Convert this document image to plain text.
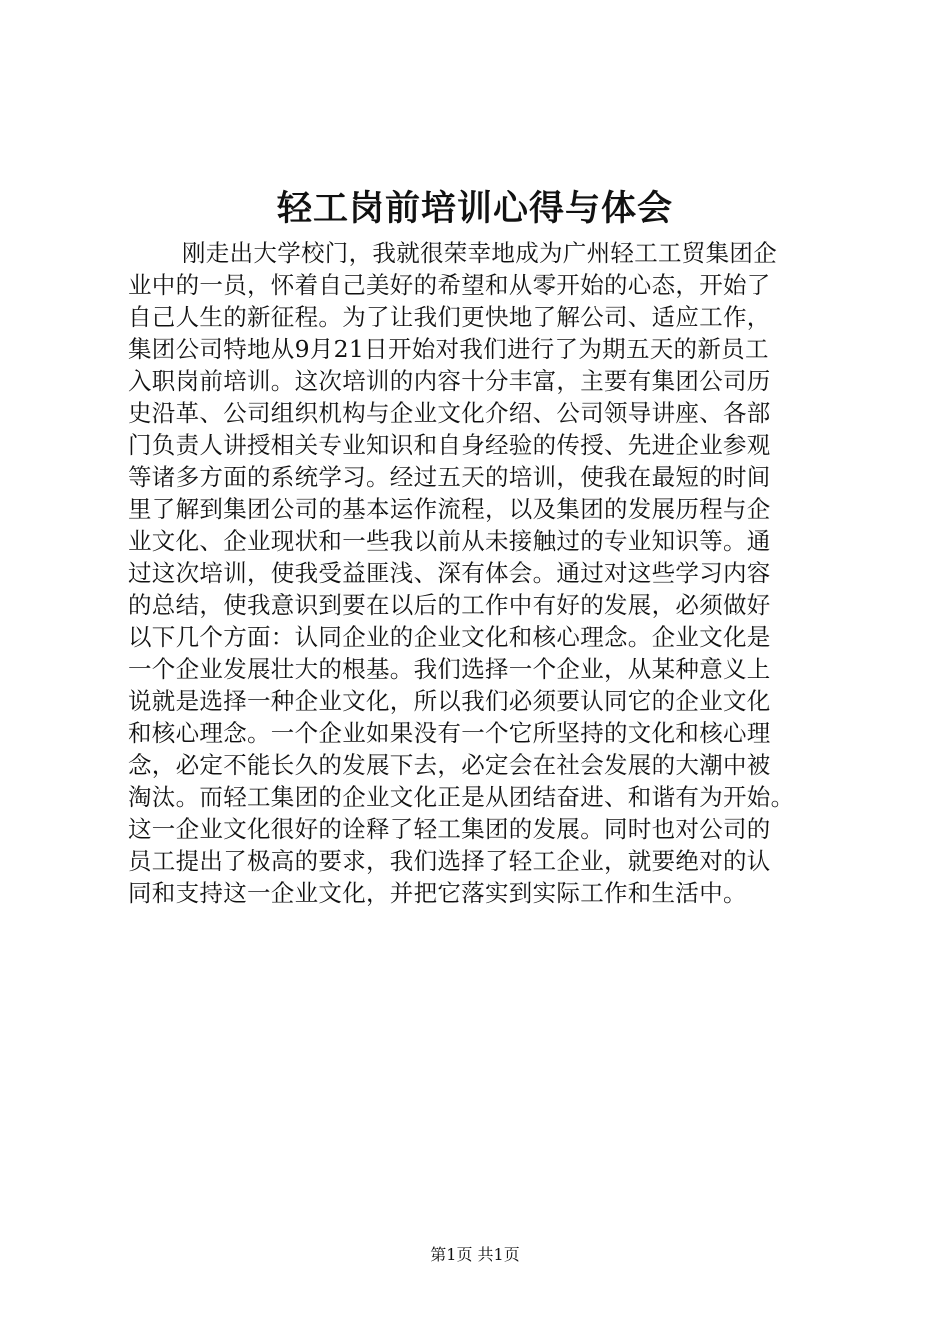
轻工岗前培训心得与体会
刚走出大学校门，我就很荣幸地成为广州轻工工贸集团企
业中的一员，怀着自己美好的希望和从零开始的心态，开始了
自己人生的新征程。为了让我们更快地了解公司、适应工作，
集团公司特地从9月21日开始对我们进行了为期五天的新员工
入职岗前培训。这次培训的内容十分丰富，主要有集团公司历
史沿革、公司组织机构与企业文化介绍、公司领导讲座、各部
门负责人讲授相关专业知识和自身经验的传授、先进企业参观
等诸多方面的系统学习。经过五天的培训，使我在最短的时间
里了解到集团公司的基本运作流程，以及集团的发展历程与企
业文化、企业现状和一些我以前从未接触过的专业知识等。通
过这次培训，使我受益匪浅、深有体会。通过对这些学习内容
的总结，使我意识到要在以后的工作中有好的发展，必须做好
以下几个方面：认同企业的企业文化和核心理念。企业文化是
一个企业发展壮大的根基。我们选择一个企业，从某种意义上
说就是选择一种企业文化，所以我们必须要认同它的企业文化
和核心理念。一个企业如果没有一个它所坚持的文化和核心理
念，必定不能长久的发展下去，必定会在社会发展的大潮中被
淘汰。而轻工集团的企业文化正是从团结奋进、和谐有为开始。
这一企业文化很好的诠释了轻工集团的发展。同时也对公司的
员工提出了极高的要求，我们选择了轻工企业，就要绝对的认
同和支持这一企业文化，并把它落实到实际工作和生活中。
第1页 共1页
